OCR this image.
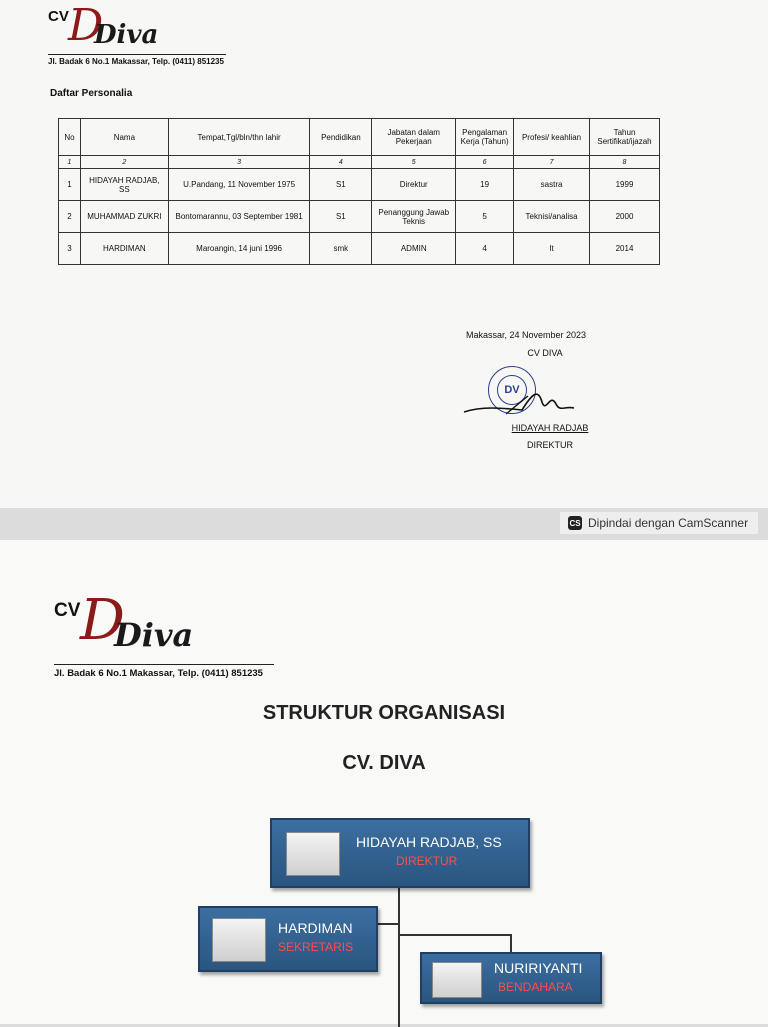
CV D
Diva
Jl. Badak 6 No.1 Makassar, Telp. (0411) 851235
Daftar Personalia
No	Nama	Tempat,Tgl/bln/thn lahir	Pendidikan	Jabatan dalam Pekerjaan	Pengalaman Kerja (Tahun)	Profesi/ keahlian	Tahun Sertifikat/ijazah
1	2	3	4	5	6	7	8
1	HIDAYAH RADJAB, SS	U.Pandang, 11 November 1975	S1	Direktur	19	sastra	1999
2	MUHAMMAD ZUKRI	Bontomarannu, 03 September 1981	S1	Penanggung Jawab Teknis	5	Teknisi/analisa	2000
3	HARDIMAN	Maroangin, 14 juni 1996	smk	ADMIN	4	It	2014
Makassar, 24 November 2023
CV DIVA
DV
HIDAYAH RADJAB
DIREKTUR
CS Dipindai dengan CamScanner
CV D
Diva
Jl. Badak 6 No.1 Makassar, Telp. (0411) 851235
STRUKTUR ORGANISASI
CV. DIVA
HIDAYAH RADJAB, SS
DIREKTUR
HARDIMAN
SEKRETARIS
NURIRIYANTI
BENDAHARA
